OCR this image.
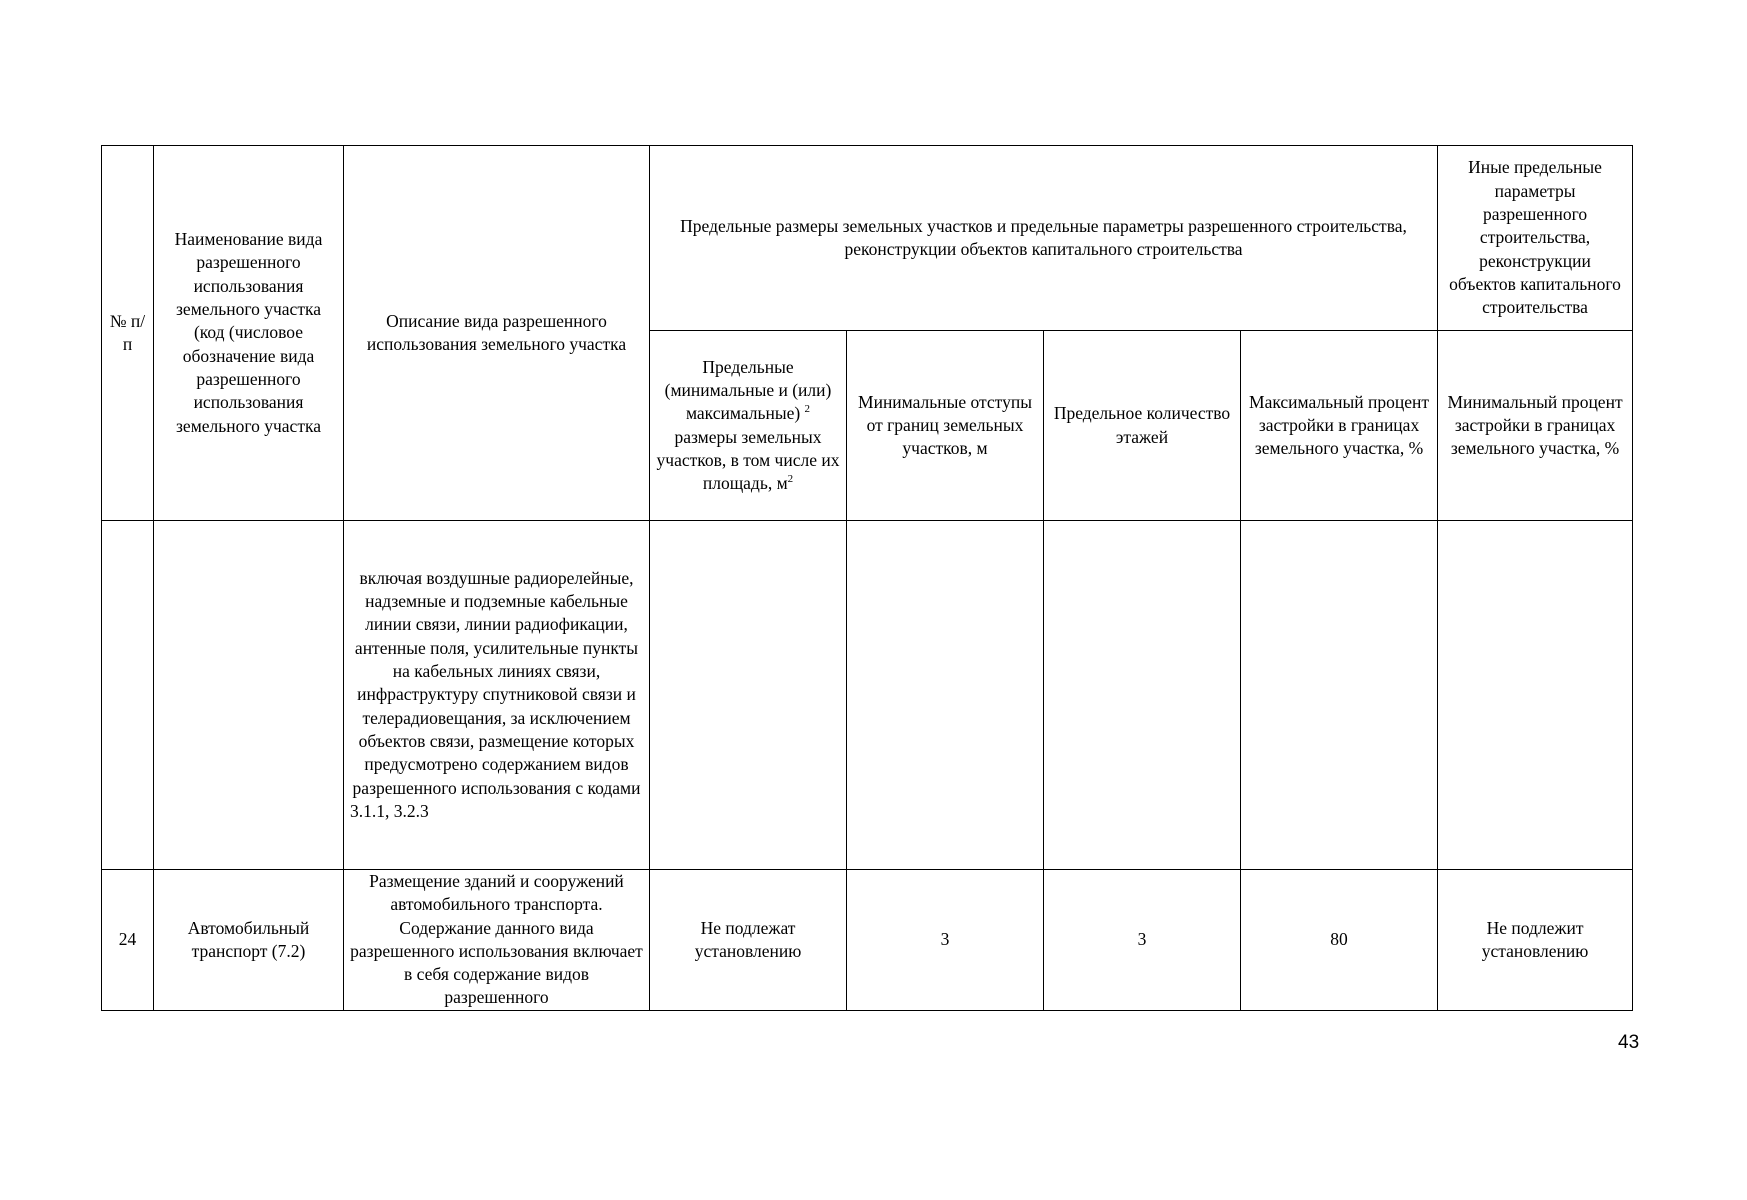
№ п/п	Наименование вида разрешенного использования земельного участка (код (числовое обозначение вида разрешенного использования земельного участка	Описание вида разрешенного использования земельного участка	Предельные размеры земельных участков и предельные параметры разрешенного строительства, реконструкции объектов капитального строительства				Иные предельные параметры разрешенного строительства, реконструкции объектов капитального строительства
			Предельные (минимальные и (или) максимальные) $^2$ размеры земельных участков, в том числе их площадь, $м^2$	Минимальные отступы от границ земельных участков, м	Предельное количество этажей	Максимальный процент застройки в границах земельного участка, %	Минимальный процент застройки в границах земельного участка, %
		включая воздушные радиорелейные, надземные и подземные кабельные линии связи, линии радиофикации, антенные поля, усилительные пункты на кабельных линиях связи, инфраструктуру спутниковой связи и телерадиовещания, за исключением объектов связи, размещение которых предусмотрено содержанием видов разрешенного использования с кодами 3.1.1, 3.2.3					
24	Автомобильный транспорт (7.2)	Размещение зданий и сооружений автомобильного транспорта. Содержание данного вида разрешенного использования включает в себя содержание видов разрешенного	Не подлежат установлению	3	3	80	Не подлежит установлению
43
